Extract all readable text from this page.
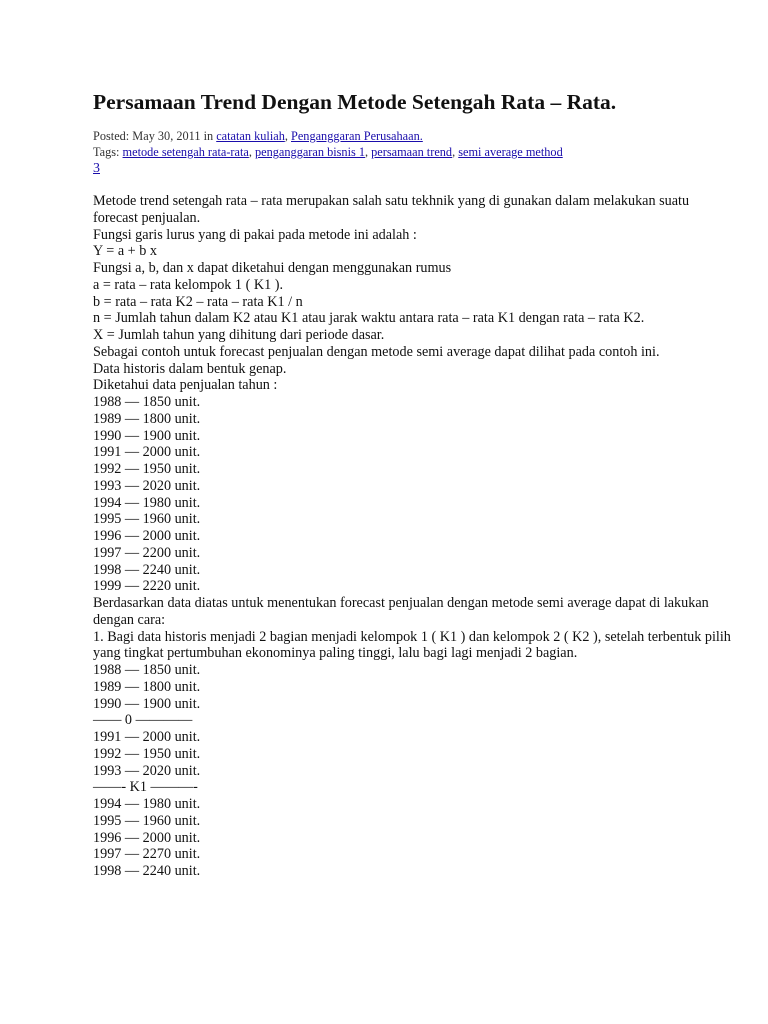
Persamaan Trend Dengan Metode Setengah Rata – Rata.
Posted: May 30, 2011 in catatan kuliah, Penganggaran Perusahaan.
Tags: metode setengah rata-rata, penganggaran bisnis 1, persamaan trend, semi average method
3

Metode trend setengah rata – rata merupakan salah satu tekhnik yang di gunakan dalam melakukan suatu forecast penjualan.

Fungsi garis lurus yang di pakai pada metode ini adalah :

Y = a + b x

Fungsi a, b, dan x dapat diketahui dengan menggunakan rumus

a = rata – rata kelompok 1 ( K1 ).

b = rata – rata K2 – rata – rata K1 / n

n = Jumlah tahun dalam K2 atau K1 atau jarak waktu antara rata – rata K1 dengan rata – rata K2.

X = Jumlah tahun yang dihitung dari periode dasar.

Sebagai contoh untuk forecast penjualan dengan metode semi average dapat dilihat pada contoh ini.

Data historis dalam bentuk genap.

Diketahui data penjualan tahun :

1988 — 1850 unit.

1989 — 1800 unit.

1990 — 1900 unit.

1991 — 2000 unit.

1992 — 1950 unit.

1993 — 2020 unit.

1994 — 1980 unit.

1995 — 1960 unit.

1996 — 2000 unit.

1997 — 2200 unit.

1998 — 2240 unit.

1999 — 2220 unit.

Berdasarkan data diatas untuk menentukan forecast penjualan dengan metode semi average dapat di lakukan dengan cara:

1. Bagi data historis menjadi 2 bagian menjadi kelompok 1 ( K1 ) dan kelompok 2 ( K2 ), setelah terbentuk pilih yang tingkat pertumbuhan ekonominya paling tinggi, lalu bagi lagi menjadi 2 bagian.

1988 — 1850 unit.

1989 — 1800 unit.

1990 — 1900 unit.

—— 0 ————

1991 — 2000 unit.

1992 — 1950 unit.

1993 — 2020 unit.

——- K1 ———-

1994 — 1980 unit.

1995 — 1960 unit.

1996 — 2000 unit.

1997 — 2270 unit.

1998 — 2240 unit.
